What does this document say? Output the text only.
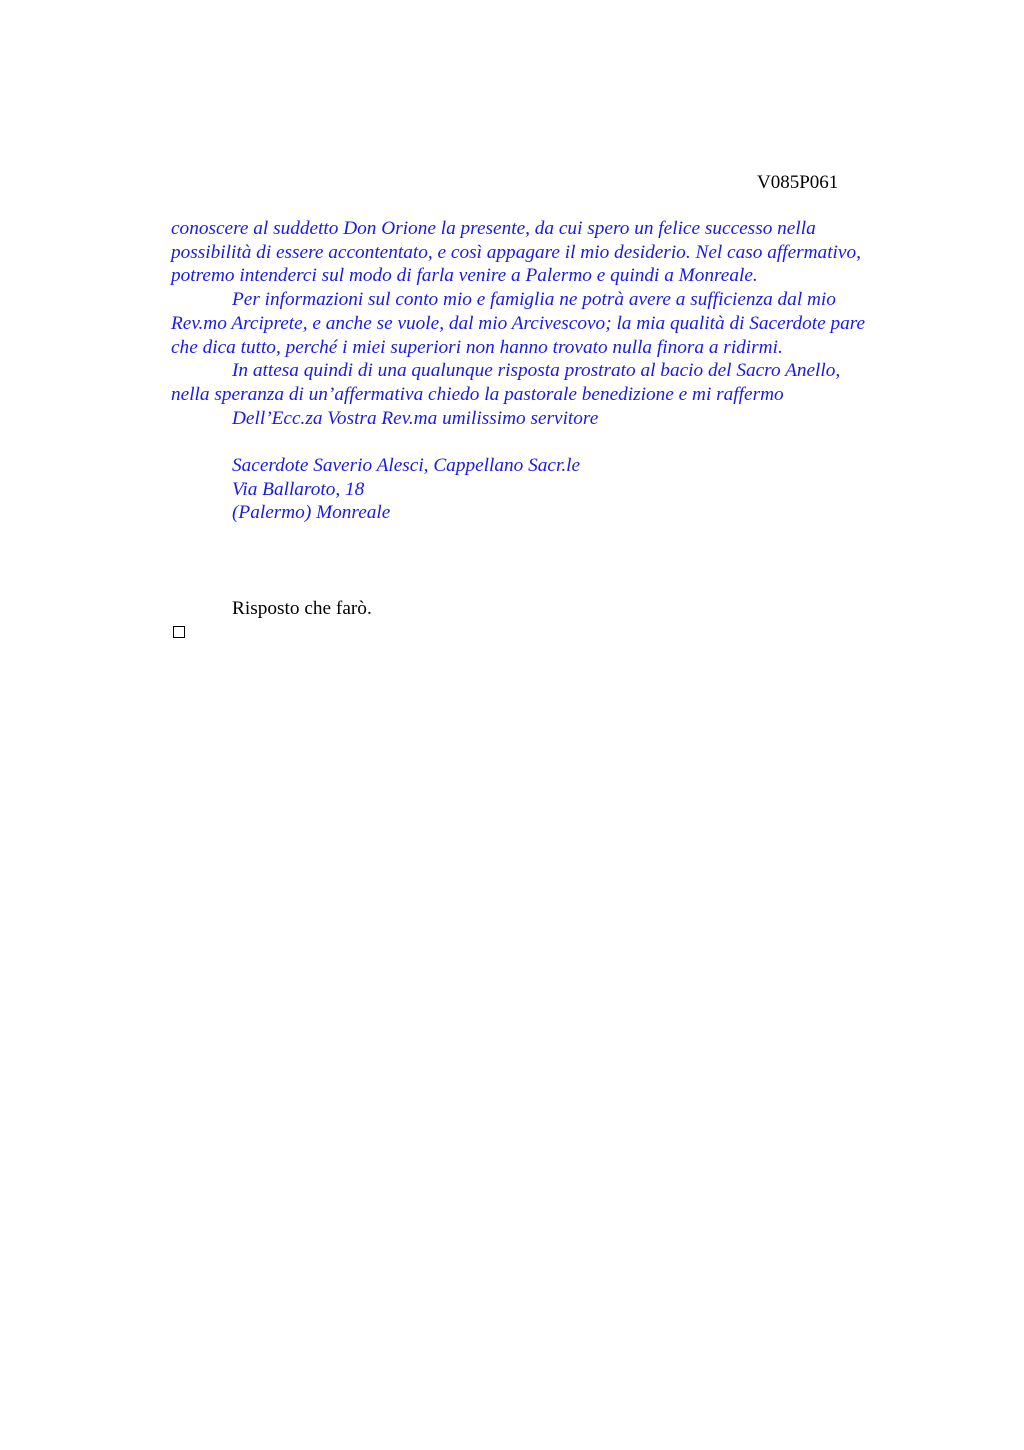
V085P061
conoscere al suddetto Don Orione la presente, da cui spero un felice successo nella
possibilità di essere accontentato, e così appagare il mio desiderio. Nel caso affermativo,
potremo intenderci sul modo di farla venire a Palermo e quindi a Monreale.
Per informazioni sul conto mio e famiglia ne potrà avere a sufficienza dal mio
Rev.mo Arciprete, e anche se vuole, dal mio Arcivescovo; la mia qualità di Sacerdote pare
che dica tutto, perché i miei superiori non hanno trovato nulla finora a ridirmi.
In attesa quindi di una qualunque risposta prostrato al bacio del Sacro Anello,
nella speranza di un’affermativa chiedo la pastorale benedizione e mi raffermo
Dell’Ecc.za Vostra Rev.ma umilissimo servitore
Sacerdote Saverio Alesci, Cappellano Sacr.le
Via Ballaroto, 18
(Palermo) Monreale
Risposto che farò.
